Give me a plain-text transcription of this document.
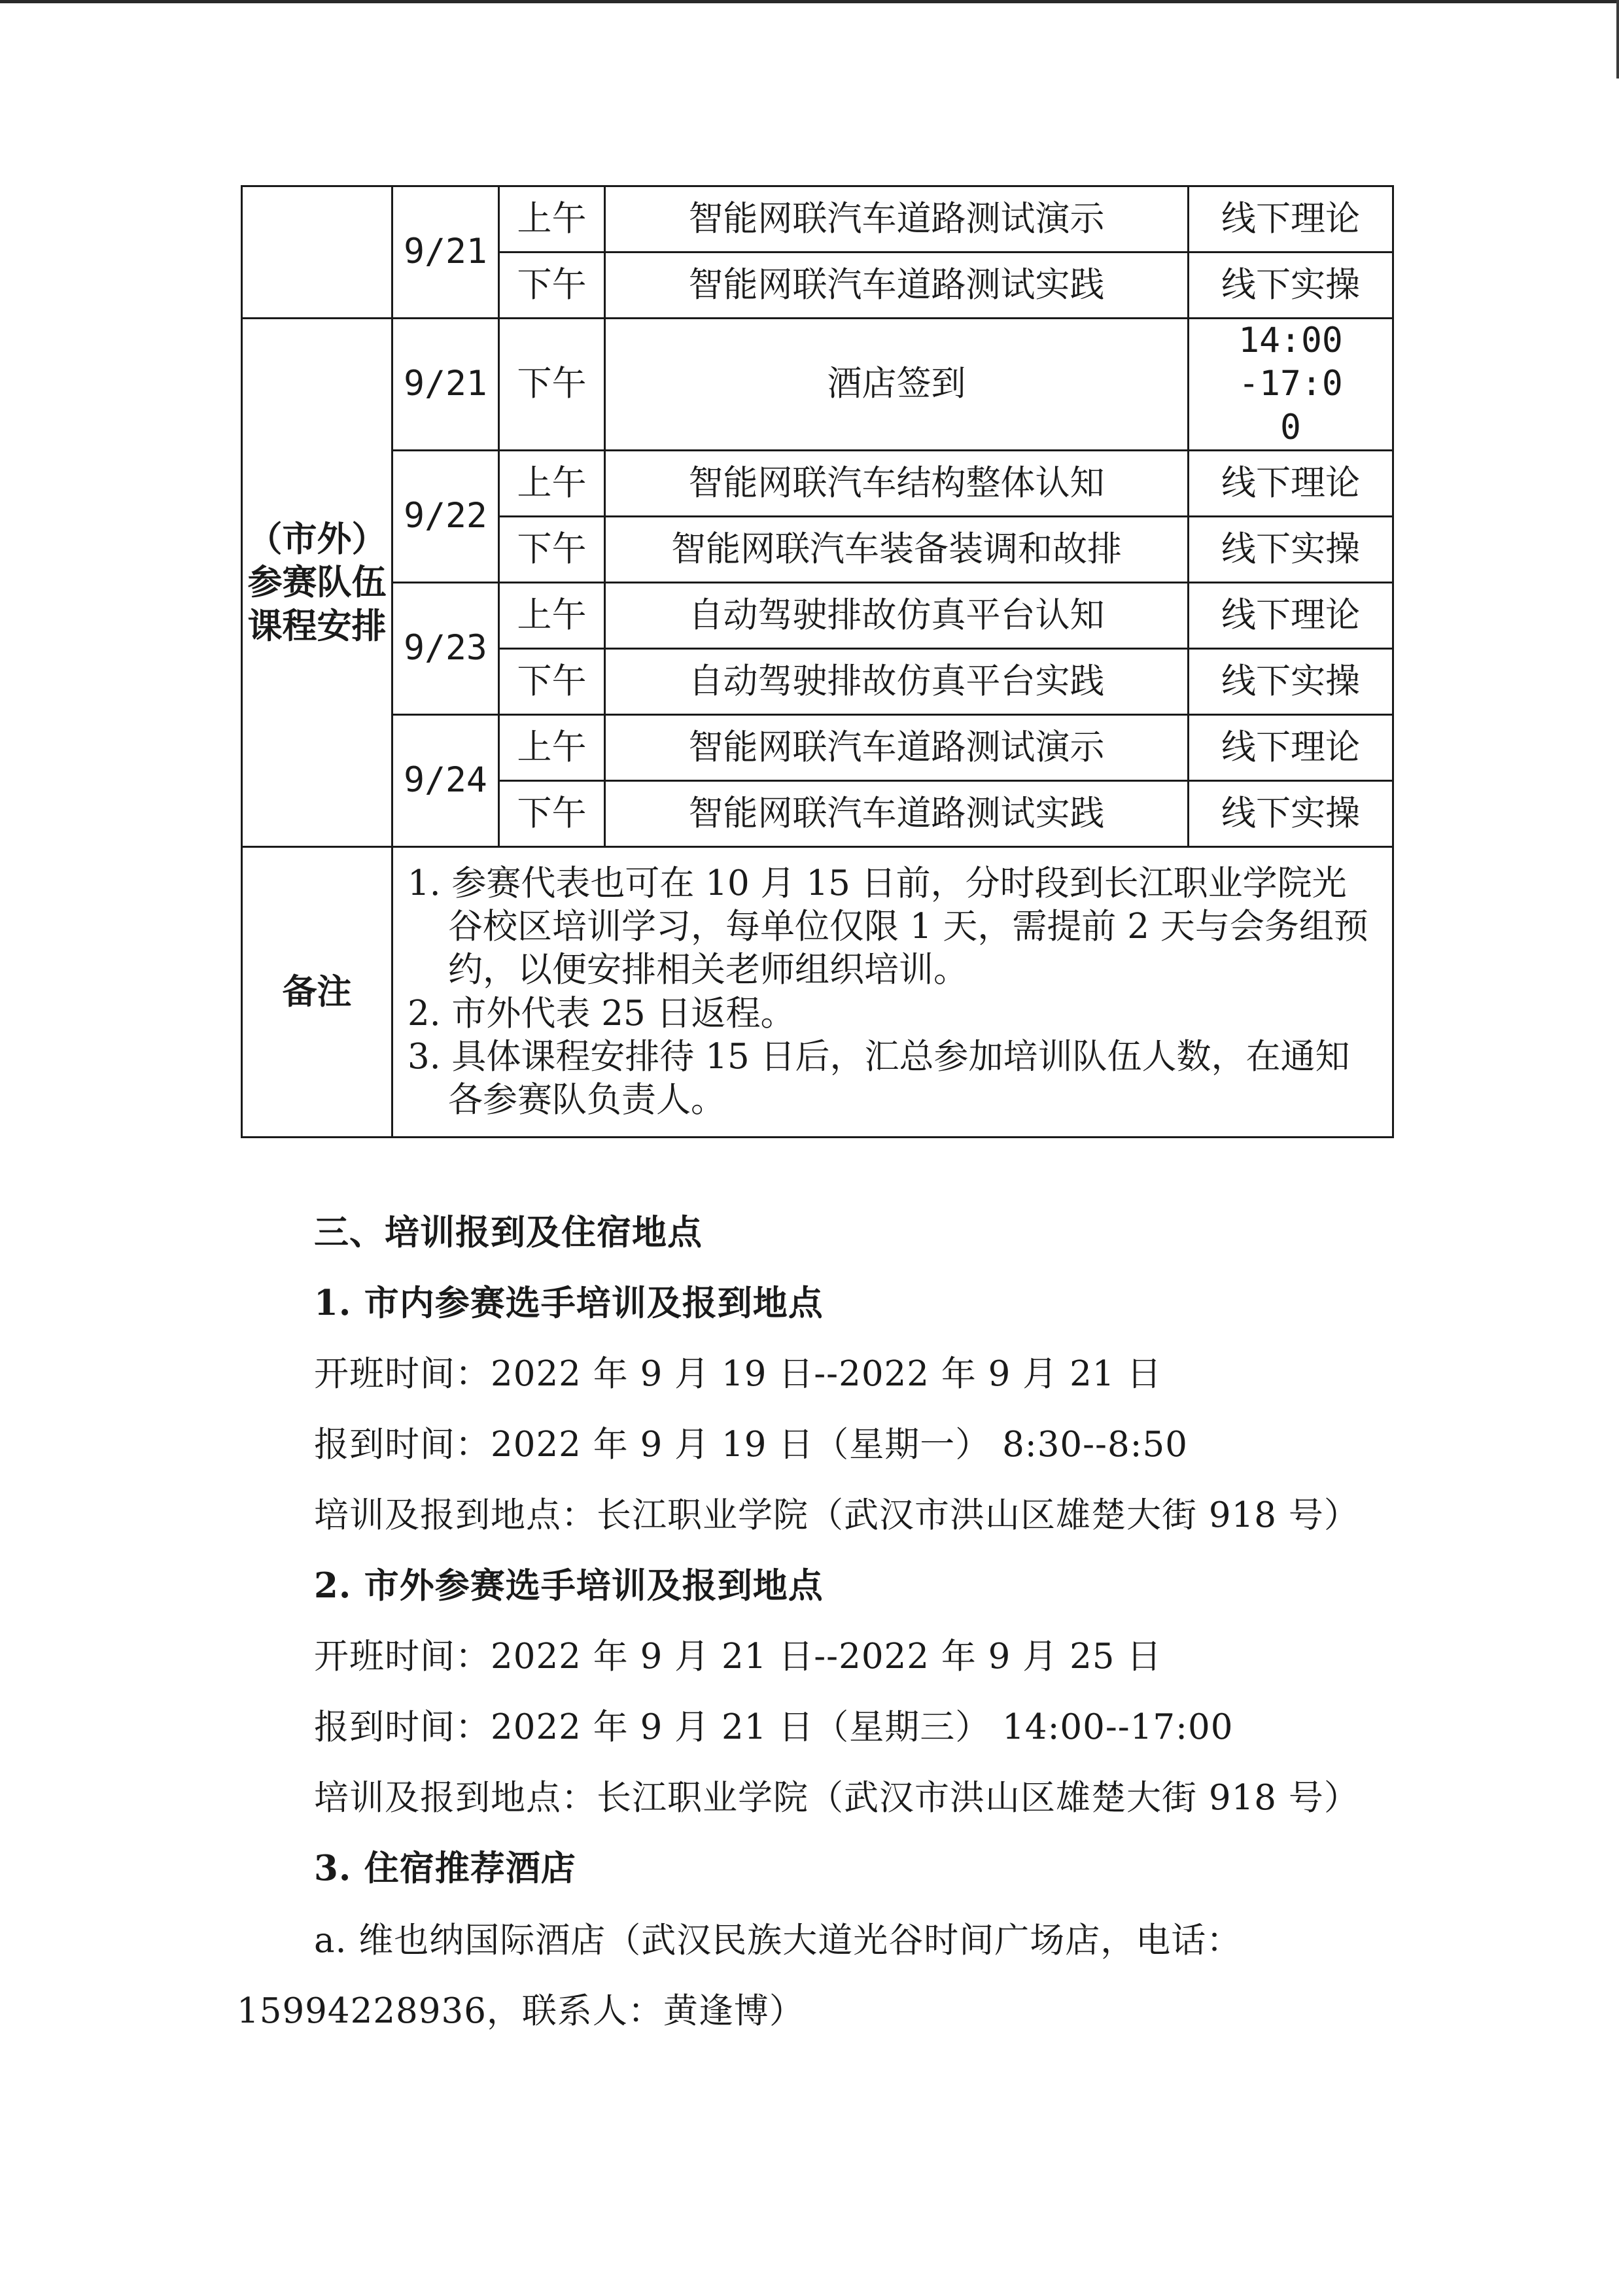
	9/21	上午	智能网联汽车道路测试演示	线下理论
		下午	智能网联汽车道路测试实践	线下实操
（市外）参赛队伍课程安排	9/21	下午	酒店签到	14:00-17:00
	9/22	上午	智能网联汽车结构整体认知	线下理论
		下午	智能网联汽车装备装调和故排	线下实操
	9/23	上午	自动驾驶排故仿真平台认知	线下理论
		下午	自动驾驶排故仿真平台实践	线下实操
	9/24	上午	智能网联汽车道路测试演示	线下理论
		下午	智能网联汽车道路测试实践	线下实操
备注	1. 参赛代表也可在 10 月 15 日前，分时段到长江职业学院光谷校区培训学习，每单位仅限 1 天，需提前 2 天与会务组预约，以便安排相关老师组织培训。
2. 市外代表 25 日返程。
3. 具体课程安排待 15 日后，汇总参加培训队伍人数，在通知各参赛队负责人。			
三、培训报到及住宿地点
1. 市内参赛选手培训及报到地点
开班时间：2022 年 9 月 19 日--2022 年 9 月 21 日
报到时间：2022 年 9 月 19 日（星期一） 8:30--8:50
培训及报到地点：长江职业学院（武汉市洪山区雄楚大街 918 号）
2. 市外参赛选手培训及报到地点
开班时间：2022 年 9 月 21 日--2022 年 9 月 25 日
报到时间：2022 年 9 月 21 日（星期三） 14:00--17:00
培训及报到地点：长江职业学院（武汉市洪山区雄楚大街 918 号）
3. 住宿推荐酒店
a. 维也纳国际酒店（武汉民族大道光谷时间广场店，电话：
15994228936，联系人：黄逢博）
